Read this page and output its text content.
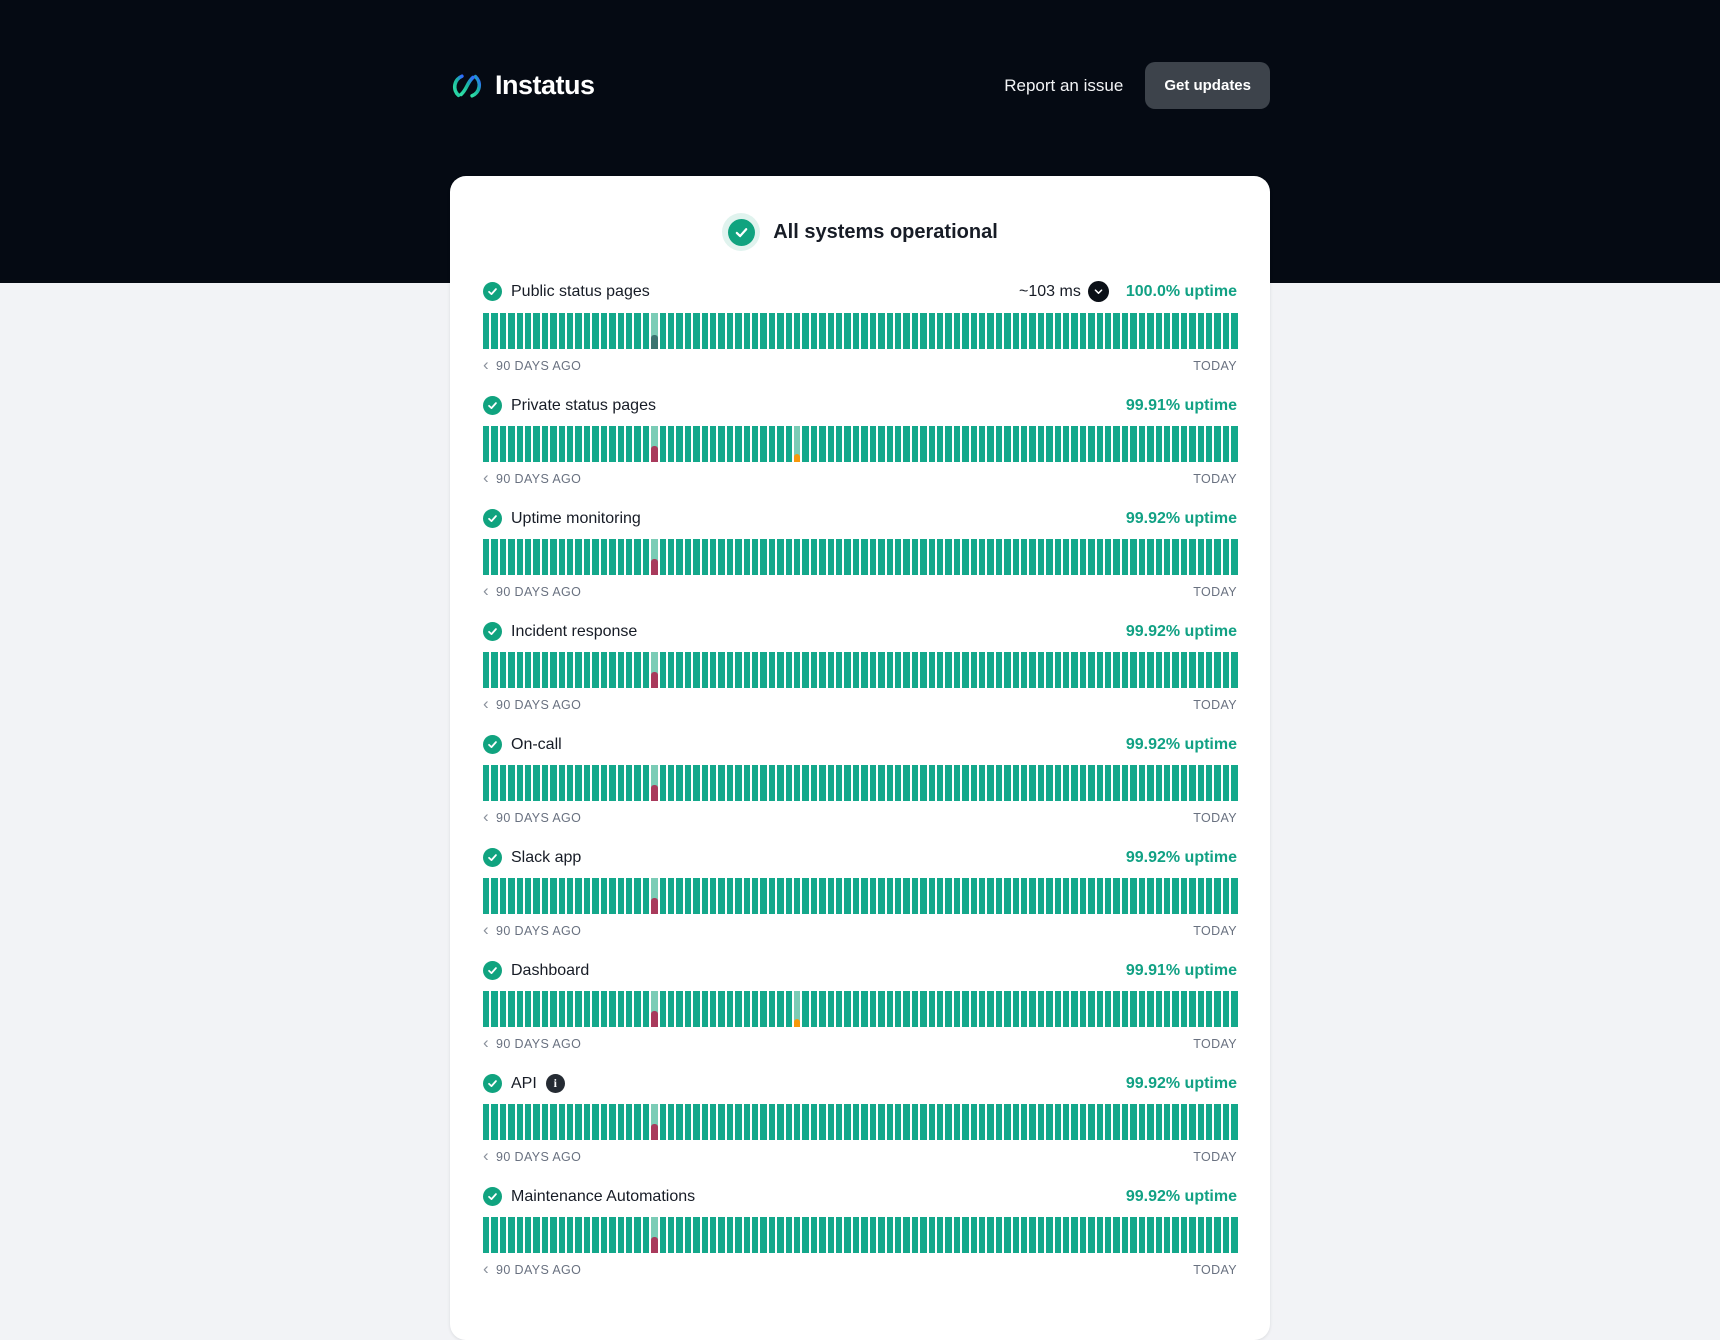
Instatus	Report an issue	Get updates
All systems operational
Public status pages	~103 ms	100.0% uptime
‹ 90 DAYS AGO	TODAY
Private status pages	99.91% uptime
‹ 90 DAYS AGO	TODAY
Uptime monitoring	99.92% uptime
‹ 90 DAYS AGO	TODAY
Incident response	99.92% uptime
‹ 90 DAYS AGO	TODAY
On-call	99.92% uptime
‹ 90 DAYS AGO	TODAY
Slack app	99.92% uptime
‹ 90 DAYS AGO	TODAY
Dashboard	99.91% uptime
‹ 90 DAYS AGO	TODAY
API	i	99.92% uptime
‹ 90 DAYS AGO	TODAY
Maintenance Automations	99.92% uptime
‹ 90 DAYS AGO	TODAY
